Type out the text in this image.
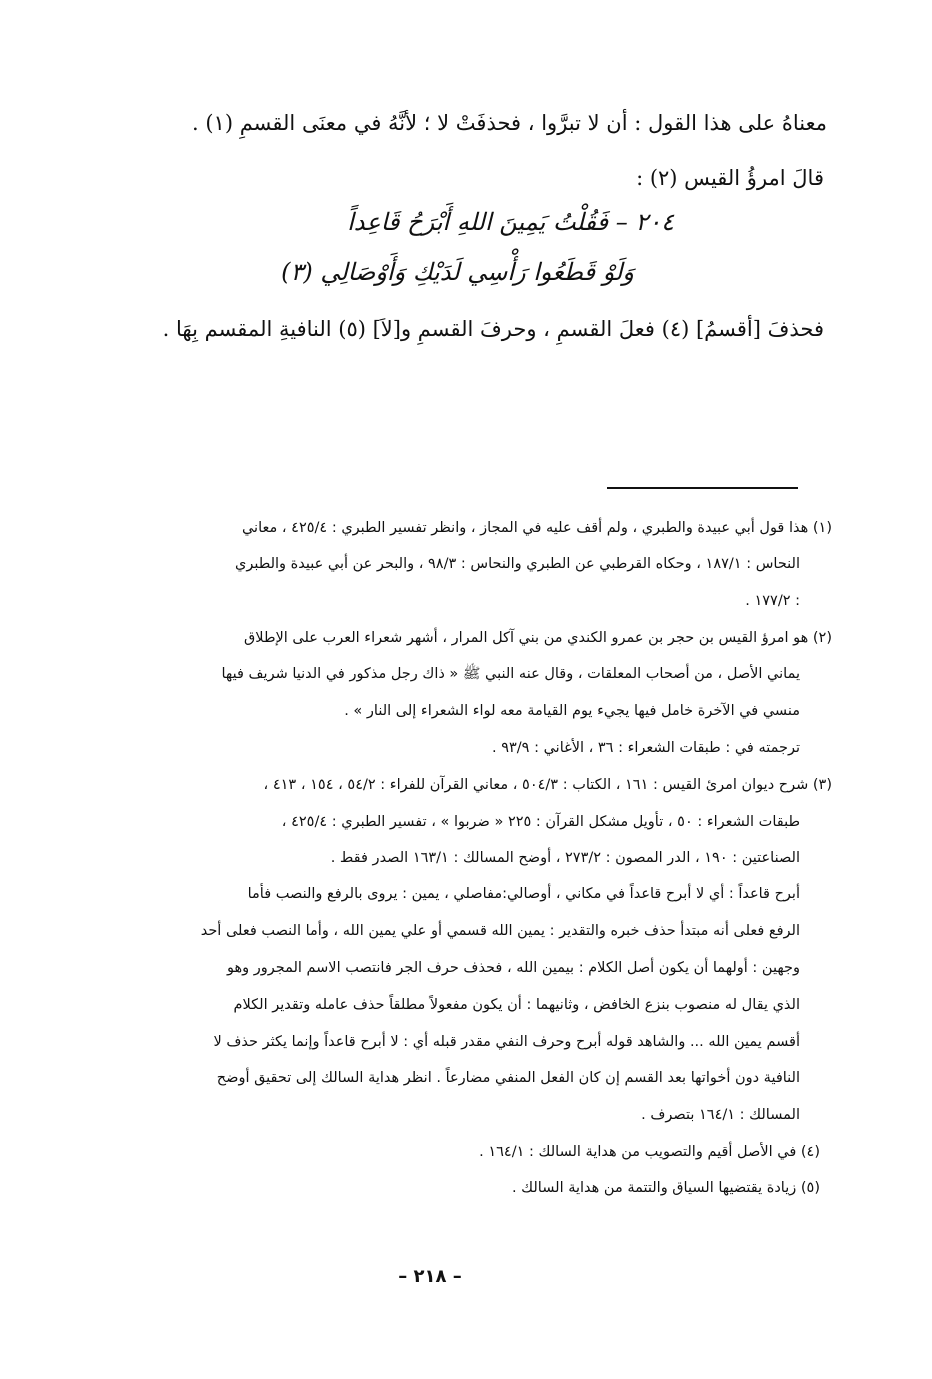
معناهُ على هذا القول : أن لا تبرَّوا ، فحذفَتْ لا ؛ لأنَّهُ في معنَى القسمِ (١) .
قالَ امرؤُ القيس (٢) :
٢٠٤ – فَقُلْتُ يَمِينَ اللهِ أَبْرَحُ قَاعِداً
وَلَوْ قَطَعُوا رَأْسِي لَدَيْكِ وَأَوْصَالِي (٣)
فحذفَ [أقسمُ] (٤) فعلَ القسمِ ، وحرفَ القسمِ و[لاَ] (٥) النافيةِ المقسم بِهَا .
(١) هذا قول أبي عبيدة والطبري ، ولم أقف عليه في المجاز ، وانظر تفسير الطبري : ٤٢٥/٤ ، معاني
النحاس : ١٨٧/١ ، وحكاه القرطبي عن الطبري والنحاس : ٩٨/٣ ، والبحر عن أبي عبيدة والطبري
: ١٧٧/٢ .
(٢) هو امرؤ القيس بن حجر بن عمرو الكندي من بني آكل المرار ، أشهر شعراء العرب على الإطلاق
يماني الأصل ، من أصحاب المعلقات ، وقال عنه النبي ﷺ « ذاك رجل مذكور في الدنيا شريف فيها
منسي في الآخرة خامل فيها يجيء يوم القيامة معه لواء الشعراء إلى النار » .
ترجمته في : طبقات الشعراء : ٣٦ ، الأغاني : ٩٣/٩ .
(٣) شرح ديوان امرئ القيس : ١٦١ ، الكتاب : ٥٠٤/٣ ، معاني القرآن للفراء : ٥٤/٢ ، ١٥٤ ، ٤١٣ ،
طبقات الشعراء : ٥٠ ، تأويل مشكل القرآن : ٢٢٥ « ضربوا » ، تفسير الطبري : ٤٢٥/٤ ،
الصناعتين : ١٩٠ ، الدر المصون : ٢٧٣/٢ ، أوضح المسالك : ١٦٣/١ الصدر فقط .
أبرح قاعداً : أي لا أبرح قاعداً في مكاني ، أوصالي:مفاصلي ، يمين : يروى بالرفع والنصب فأما
الرفع فعلى أنه مبتدأ حذف خبره والتقدير : يمين الله قسمي أو علي يمين الله ، وأما النصب فعلى أحد
وجهين : أولهما أن يكون أصل الكلام : بيمين الله ، فحذف حرف الجر فانتصب الاسم المجرور وهو
الذي يقال له منصوب بنزع الخافض ، وثانيهما : أن يكون مفعولاً مطلقاً حذف عامله وتقدير الكلام
أقسم يمين الله ... والشاهد قوله أبرح وحرف النفي مقدر قبله أي : لا أبرح قاعداً وإنما يكثر حذف لا
النافية دون أخواتها بعد القسم إن كان الفعل المنفي مضارعاً . انظر هداية السالك إلى تحقيق أوضح
المسالك : ١٦٤/١ بتصرف .
(٤) في الأصل أقيم والتصويب من هداية السالك : ١٦٤/١ .
(٥) زيادة يقتضيها السياق والتتمة من هداية السالك .
– ٢١٨ –
